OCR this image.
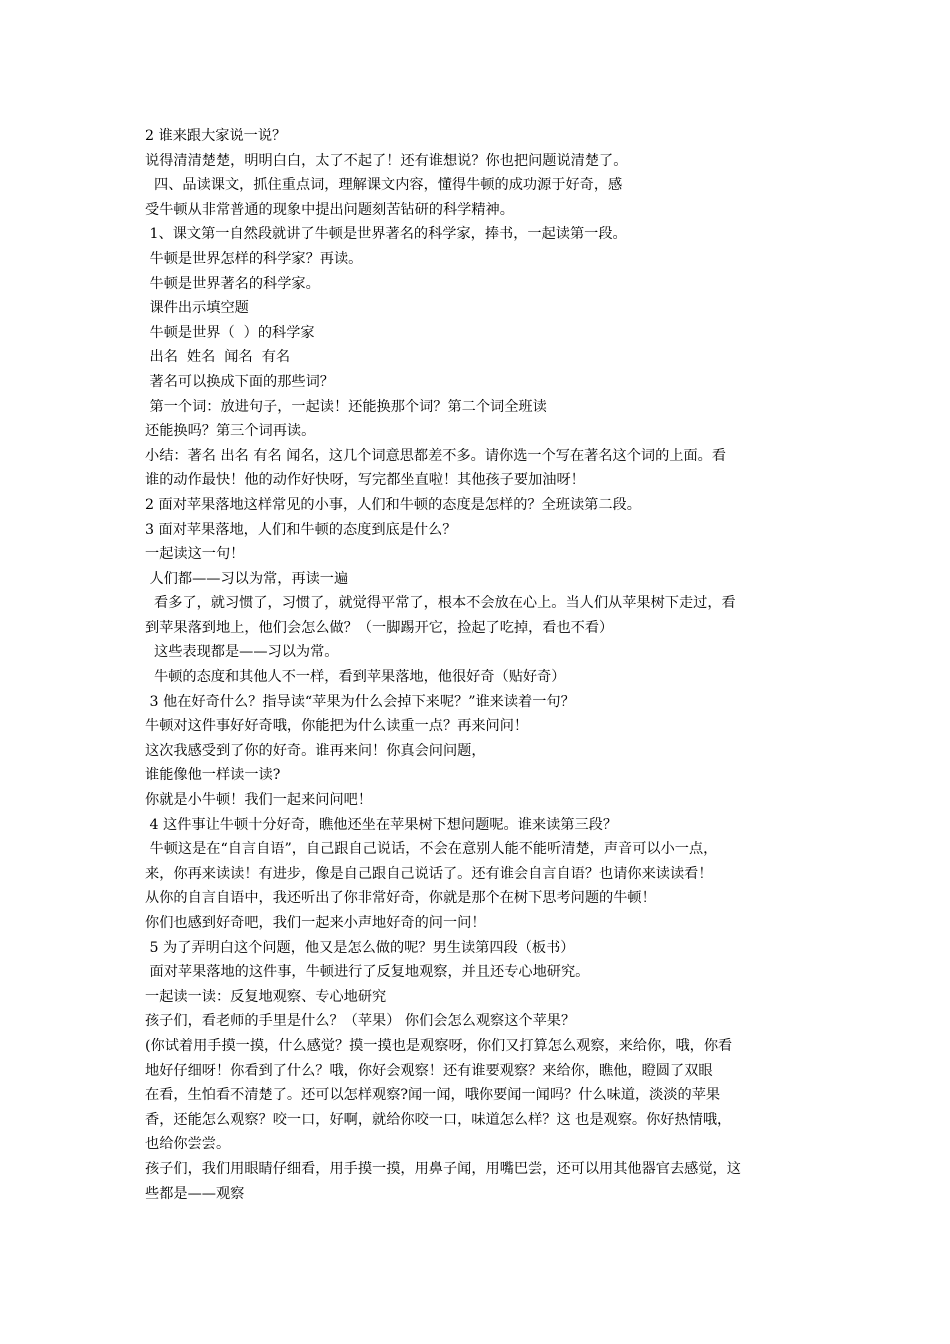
2 谁来跟大家说一说？
说得清清楚楚，明明白白，太了不起了！还有谁想说？你也把问题说清楚了。
四、品读课文，抓住重点词，理解课文内容，懂得牛顿的成功源于好奇，感
受牛顿从非常普通的现象中提出问题刻苦钻研的科学精神。
1、课文第一自然段就讲了牛顿是世界著名的科学家，捧书，一起读第一段。
牛顿是世界怎样的科学家？再读。
牛顿是世界著名的科学家。
课件出示填空题
牛顿是世界（  ）的科学家
出名  姓名  闻名  有名
著名可以换成下面的那些词？
第一个词：放进句子，一起读！还能换那个词？第二个词全班读
还能换吗？第三个词再读。
小结：著名 出名 有名 闻名，这几个词意思都差不多。请你选一个写在著名这个词的上面。看
谁的动作最快！他的动作好快呀，写完都坐直啦！其他孩子要加油呀！
2 面对苹果落地这样常见的小事，人们和牛顿的态度是怎样的？全班读第二段。
3 面对苹果落地，人们和牛顿的态度到底是什么？
一起读这一句！
人们都——习以为常，再读一遍
看多了，就习惯了，习惯了，就觉得平常了，根本不会放在心上。当人们从苹果树下走过，看
到苹果落到地上，他们会怎么做？（一脚踢开它，捡起了吃掉，看也不看）
这些表现都是——习以为常。
牛顿的态度和其他人不一样，看到苹果落地，他很好奇（贴好奇）
3 他在好奇什么？指导读“苹果为什么会掉下来呢？”谁来读着一句？
牛顿对这件事好好奇哦，你能把为什么读重一点？再来问问！
这次我感受到了你的好奇。谁再来问！你真会问问题，
谁能像他一样读一读?
你就是小牛顿！我们一起来问问吧！
4 这件事让牛顿十分好奇，瞧他还坐在苹果树下想问题呢。谁来读第三段？
牛顿这是在“自言自语”，自己跟自己说话，不会在意别人能不能听清楚，声音可以小一点，
来，你再来读读！有进步，像是自己跟自己说话了。还有谁会自言自语？也请你来读读看！
从你的自言自语中，我还听出了你非常好奇，你就是那个在树下思考问题的牛顿！
你们也感到好奇吧，我们一起来小声地好奇的问一问！
5 为了弄明白这个问题，他又是怎么做的呢？男生读第四段（板书）
面对苹果落地的这件事，牛顿进行了反复地观察，并且还专心地研究。
一起读一读：反复地观察、专心地研究
孩子们，看老师的手里是什么？（苹果） 你们会怎么观察这个苹果？
(你试着用手摸一摸，什么感觉？摸一摸也是观察呀，你们又打算怎么观察，来给你，哦，你看
地好仔细呀！你看到了什么？哦，你好会观察！还有谁要观察？来给你，瞧他，瞪圆了双眼
在看，生怕看不清楚了。还可以怎样观察?闻一闻，哦你要闻一闻吗？什么味道，淡淡的苹果
香，还能怎么观察？咬一口，好啊，就给你咬一口，味道怎么样？这 也是观察。你好热情哦，
也给你尝尝。
孩子们，我们用眼睛仔细看，用手摸一摸，用鼻子闻，用嘴巴尝，还可以用其他器官去感觉，这
些都是——观察
